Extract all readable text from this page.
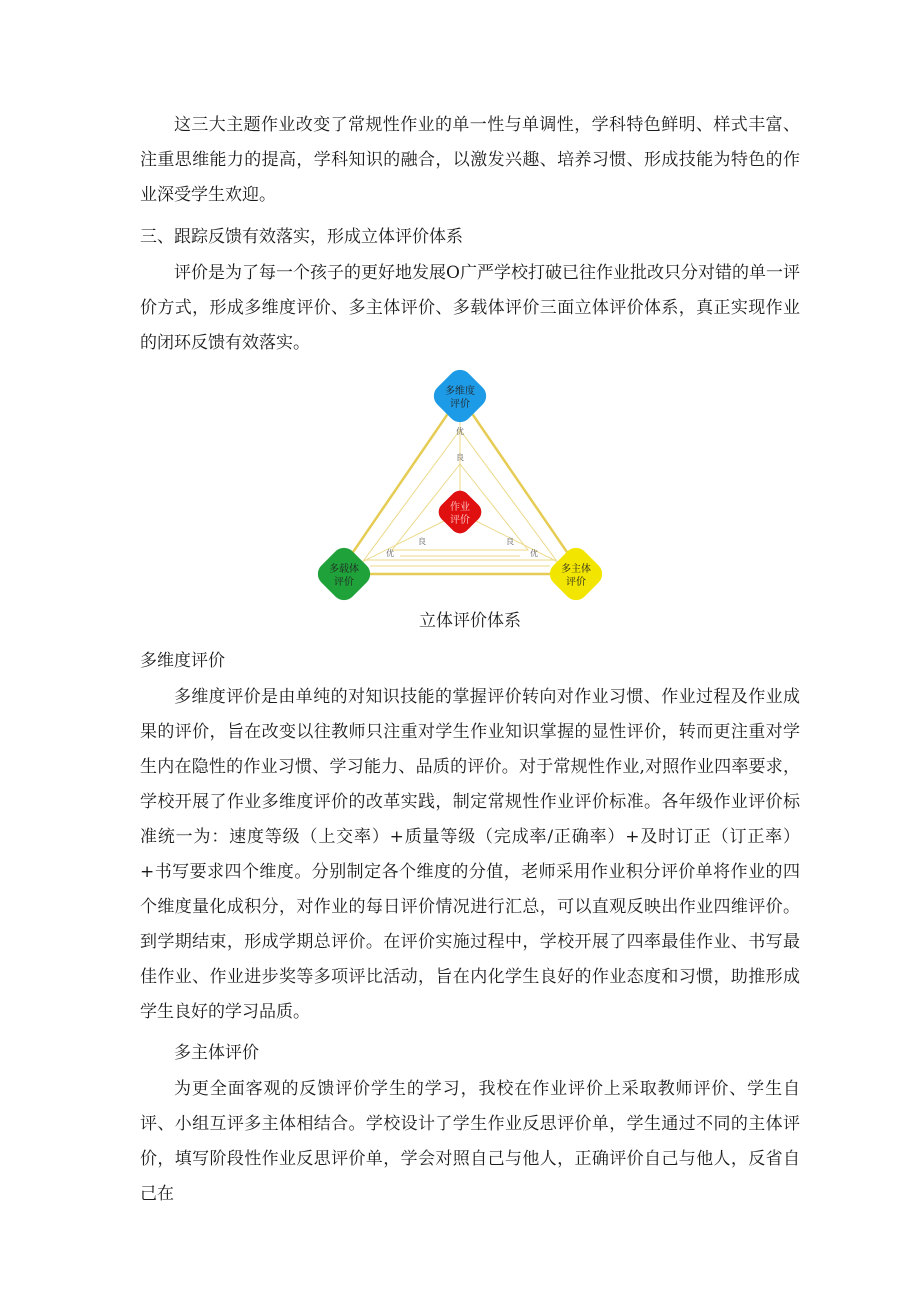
这三大主题作业改变了常规性作业的单一性与单调性，学科特色鲜明、样式丰富、注重思维能力的提高，学科知识的融合，以激发兴趣、培养习惯、形成技能为特色的作业深受学生欢迎。

三、跟踪反馈有效落实，形成立体评价体系

评价是为了每一个孩子的更好地发展O广严学校打破已往作业批改只分对错的单一评价方式，形成多维度评价、多主体评价、多载体评价三面立体评价体系，真正实现作业的闭环反馈有效落实。

优
良
良
优
良
优
多维度
评价
作业
评价
多载体
评价
多主体
评价

立体评价体系

多维度评价

多维度评价是由单纯的对知识技能的掌握评价转向对作业习惯、作业过程及作业成果的评价，旨在改变以往教师只注重对学生作业知识掌握的显性评价，转而更注重对学生内在隐性的作业习惯、学习能力、品质的评价。对于常规性作业,对照作业四率要求，学校开展了作业多维度评价的改革实践，制定常规性作业评价标准。各年级作业评价标准统一为：速度等级（上交率）+质量等级（完成率/正确率）+及时订正（订正率）+书写要求四个维度。分别制定各个维度的分值，老师采用作业积分评价单将作业的四个维度量化成积分，对作业的每日评价情况进行汇总，可以直观反映出作业四维评价。到学期结束，形成学期总评价。在评价实施过程中，学校开展了四率最佳作业、书写最佳作业、作业进步奖等多项评比活动，旨在内化学生良好的作业态度和习惯，助推形成学生良好的学习品质。

多主体评价

为更全面客观的反馈评价学生的学习，我校在作业评价上采取教师评价、学生自评、小组互评多主体相结合。学校设计了学生作业反思评价单，学生通过不同的主体评价，填写阶段性作业反思评价单，学会对照自己与他人，正确评价自己与他人，反省自己在
